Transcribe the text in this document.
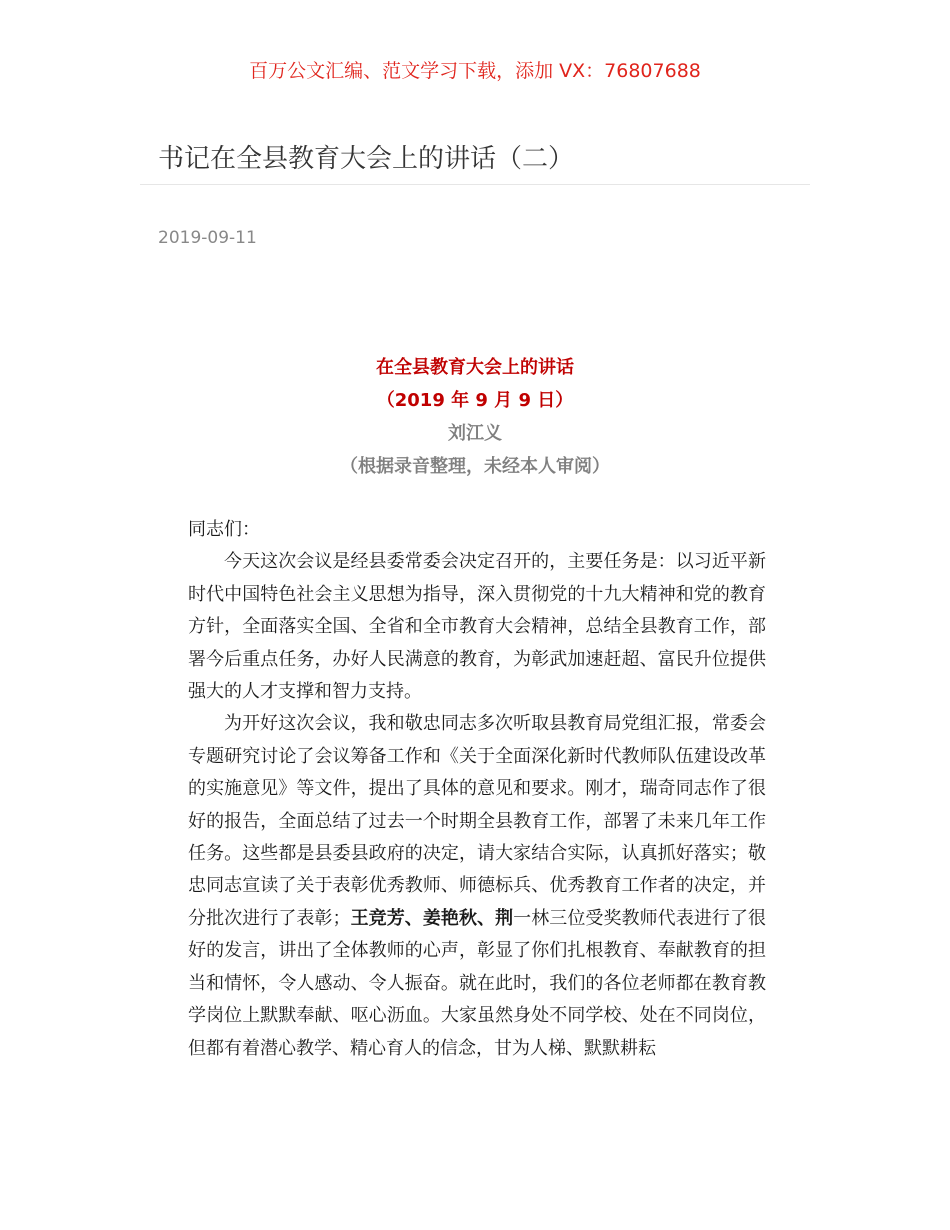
百万公文汇编、范文学习下载，添加 VX：76807688
书记在全县教育大会上的讲话（二）
2019-09-11
在全县教育大会上的讲话
（2019 年 9 月 9 日）
刘江义
（根据录音整理，未经本人审阅）

同志们：

今天这次会议是经县委常委会决定召开的，主要任务是：以习近平新时代中国特色社会主义思想为指导，深入贯彻党的十九大精神和党的教育方针，全面落实全国、全省和全市教育大会精神，总结全县教育工作，部署今后重点任务，办好人民满意的教育，为彰武加速赶超、富民升位提供强大的人才支撑和智力支持。

为开好这次会议，我和敬忠同志多次听取县教育局党组汇报，常委会专题研究讨论了会议筹备工作和《关于全面深化新时代教师队伍建设改革的实施意见》等文件，提出了具体的意见和要求。刚才，瑞奇同志作了很好的报告，全面总结了过去一个时期全县教育工作，部署了未来几年工作任务。这些都是县委县政府的决定，请大家结合实际，认真抓好落实；敬忠同志宣读了关于表彰优秀教师、师德标兵、优秀教育工作者的决定，并分批次进行了表彰；王竞芳、姜艳秋、荆一林三位受奖教师代表进行了很好的发言，讲出了全体教师的心声，彰显了你们扎根教育、奉献教育的担当和情怀，令人感动、令人振奋。就在此时，我们的各位老师都在教育教学岗位上默默奉献、呕心沥血。大家虽然身处不同学校、处在不同岗位，但都有着潜心教学、精心育人的信念，甘为人梯、默默耕耘
